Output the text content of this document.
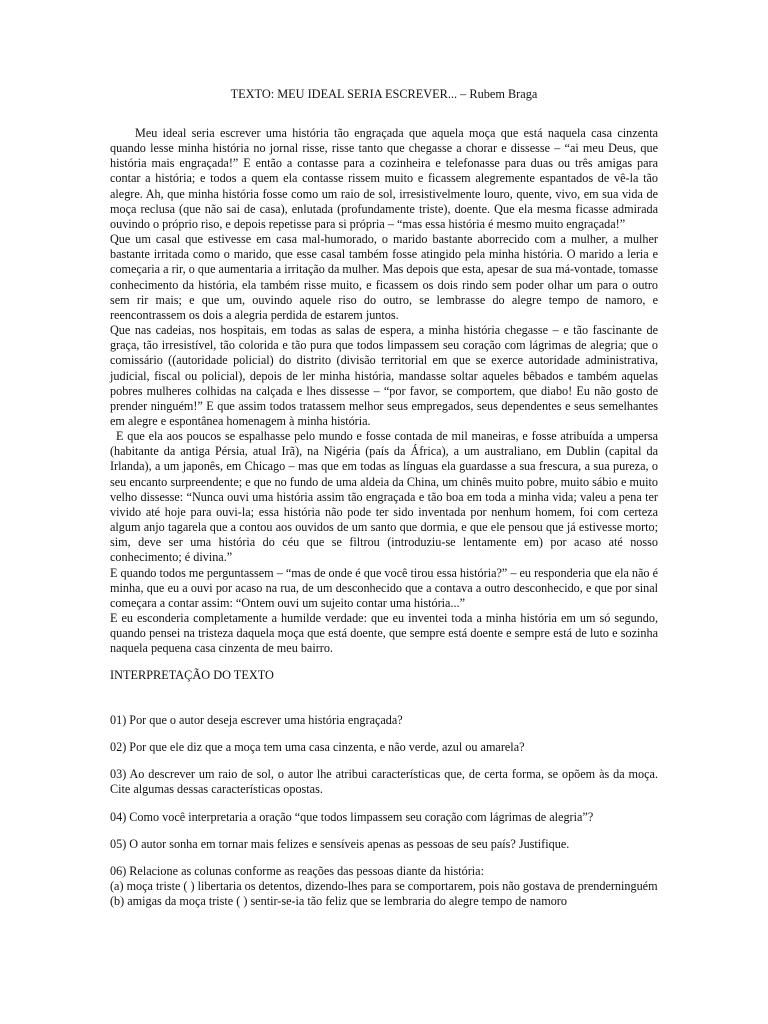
TEXTO: MEU IDEAL SERIA ESCREVER... – Rubem Braga

Meu ideal seria escrever uma história tão engraçada que aquela moça que está naquela casa cinzenta quando lesse minha história no jornal risse, risse tanto que chegasse a chorar e dissesse – “ai meu Deus, que história mais engraçada!” E então a contasse para a cozinheira e telefonasse para duas ou três amigas para contar a história; e todos a quem ela contasse rissem muito e ficassem alegremente espantados de vê-la tão alegre. Ah, que minha história fosse como um raio de sol, irresistivelmente louro, quente, vivo, em sua vida de moça reclusa (que não sai de casa), enlutada (profundamente triste), doente. Que ela mesma ficasse admirada ouvindo o próprio riso, e depois repetisse para si própria – “mas essa história é mesmo muito engraçada!”

Que um casal que estivesse em casa mal-humorado, o marido bastante aborrecido com a mulher, a mulher bastante irritada como o marido, que esse casal também fosse atingido pela minha história. O marido a leria e começaria a rir, o que aumentaria a irritação da mulher. Mas depois que esta, apesar de sua má-vontade, tomasse conhecimento da história, ela também risse muito, e ficassem os dois rindo sem poder olhar um para o outro sem rir mais; e que um, ouvindo aquele riso do outro, se lembrasse do alegre tempo de namoro, e reencontrassem os dois a alegria perdida de estarem juntos.

Que nas cadeias, nos hospitais, em todas as salas de espera, a minha história chegasse – e tão fascinante de graça, tão irresistível, tão colorida e tão pura que todos limpassem seu coração com lágrimas de alegria; que o comissário ((autoridade policial) do distrito (divisão territorial em que se exerce autoridade administrativa, judicial, fiscal ou policial), depois de ler minha história, mandasse soltar aqueles bêbados e também aquelas pobres mulheres colhidas na calçada e lhes dissesse – “por favor, se comportem, que diabo! Eu não gosto de prender ninguém!” E que assim todos tratassem melhor seus empregados, seus dependentes e seus semelhantes em alegre e espontânea homenagem à minha história.

E que ela aos poucos se espalhasse pelo mundo e fosse contada de mil maneiras, e fosse atribuída a umpersa (habitante da antiga Pérsia, atual Irã), na Nigéria (país da África), a um australiano, em Dublin (capital da Irlanda), a um japonês, em Chicago – mas que em todas as línguas ela guardasse a sua frescura, a sua pureza, o seu encanto surpreendente; e que no fundo de uma aldeia da China, um chinês muito pobre, muito sábio e muito velho dissesse: “Nunca ouvi uma história assim tão engraçada e tão boa em toda a minha vida; valeu a pena ter vivido até hoje para ouvi-la; essa história não pode ter sido inventada por nenhum homem, foi com certeza algum anjo tagarela que a contou aos ouvidos de um santo que dormia, e que ele pensou que já estivesse morto; sim, deve ser uma história do céu que se filtrou (introduziu-se lentamente em) por acaso até nosso conhecimento; é divina.”

E quando todos me perguntassem – “mas de onde é que você tirou essa história?” – eu responderia que ela não é minha, que eu a ouvi por acaso na rua, de um desconhecido que a contava a outro desconhecido, e que por sinal começara a contar assim: “Ontem ouvi um sujeito contar uma história...”

E eu esconderia completamente a humilde verdade: que eu inventei toda a minha história em um só segundo, quando pensei na tristeza daquela moça que está doente, que sempre está doente e sempre está de luto e sozinha naquela pequena casa cinzenta de meu bairro.

INTERPRETAÇÃO DO TEXTO

01) Por que o autor deseja escrever uma história engraçada?

02) Por que ele diz que a moça tem uma casa cinzenta, e não verde, azul ou amarela?

03) Ao descrever um raio de sol, o autor lhe atribui características que, de certa forma, se opõem às da moça. Cite algumas dessas características opostas.

04) Como você interpretaria a oração “que todos limpassem seu coração com lágrimas de alegria”?

05) O autor sonha em tornar mais felizes e sensíveis apenas as pessoas de seu país? Justifique.

06) Relacione as colunas conforme as reações das pessoas diante da história:

(a) moça triste ( ) libertaria os detentos, dizendo-lhes para se comportarem, pois não gostava de prenderninguém

(b) amigas da moça triste ( ) sentir-se-ia tão feliz que se lembraria do alegre tempo de namoro
